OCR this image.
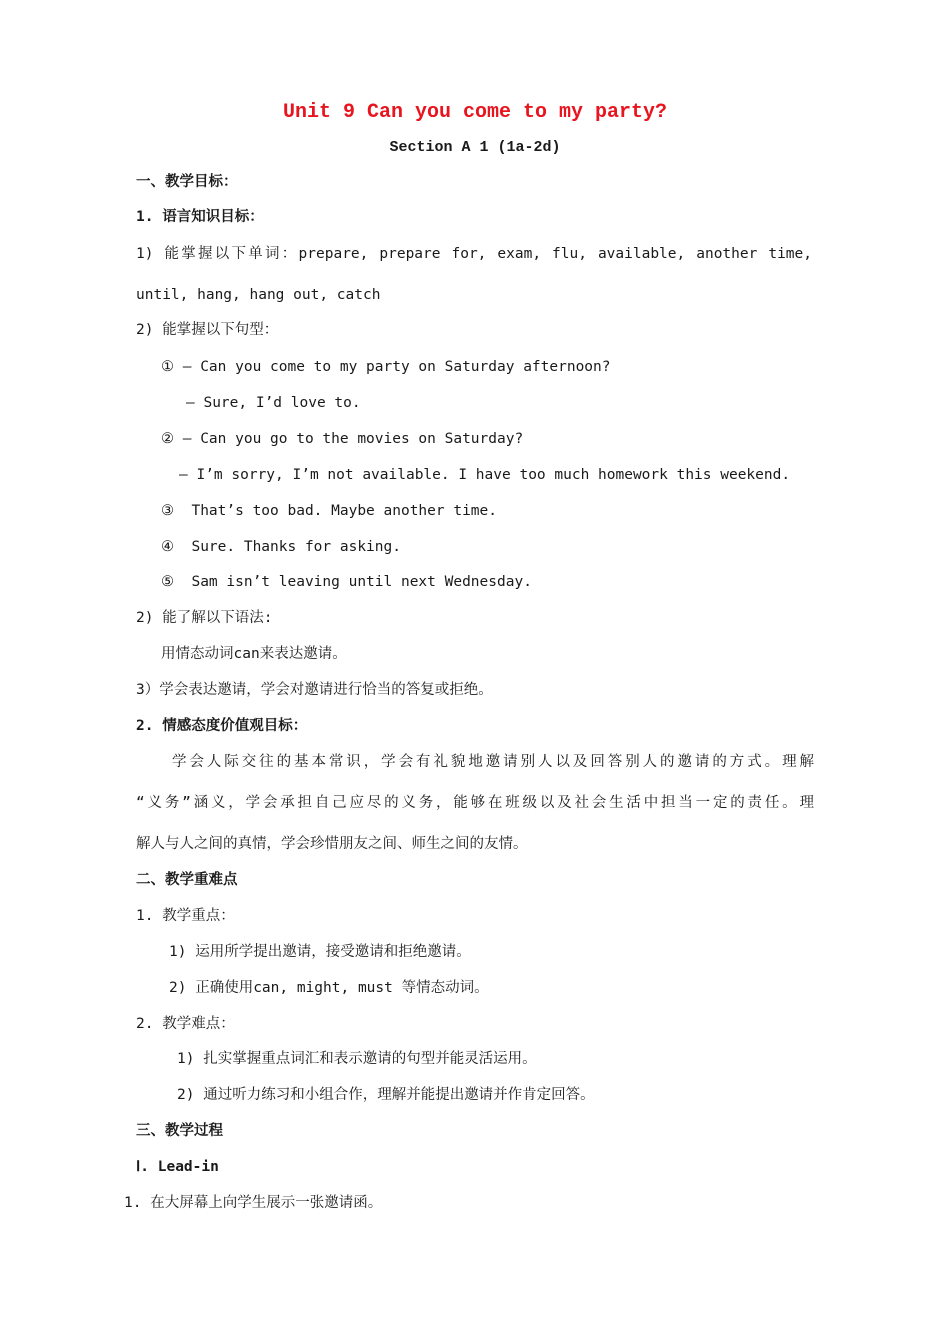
Unit 9 Can you come to my party?
Section A 1 (1a-2d)
一、教学目标：
1. 语言知识目标：
1) 能掌握以下单词：prepare, prepare for, exam, flu, available, another time,
until, hang, hang out, catch
2) 能掌握以下句型：
① — Can you come to my party on Saturday afternoon?
— Sure, I’d love to.
② — Can you go to the movies on Saturday?
— I’m sorry, I’m not available. I have too much homework this weekend.
③  That’s too bad. Maybe another time.
④  Sure. Thanks for asking.
⑤  Sam isn’t leaving until next Wednesday.
2) 能了解以下语法:
用情态动词can来表达邀请。
3）学会表达邀请，学会对邀请进行恰当的答复或拒绝。
2. 情感态度价值观目标：
学会人际交往的基本常识，学会有礼貌地邀请别人以及回答别人的邀请的方式。理解
“义务”涵义，学会承担自己应尽的义务，能够在班级以及社会生活中担当一定的责任。理
解人与人之间的真情，学会珍惜朋友之间、师生之间的友情。
二、教学重难点
1. 教学重点：
1) 运用所学提出邀请，接受邀请和拒绝邀请。
2) 正确使用can, might, must 等情态动词。
2. 教学难点：
1) 扎实掌握重点词汇和表示邀请的句型并能灵活运用。
2) 通过听力练习和小组合作，理解并能提出邀请并作肯定回答。
三、教学过程
Ⅰ. Lead-in
1. 在大屏幕上向学生展示一张邀请函。
